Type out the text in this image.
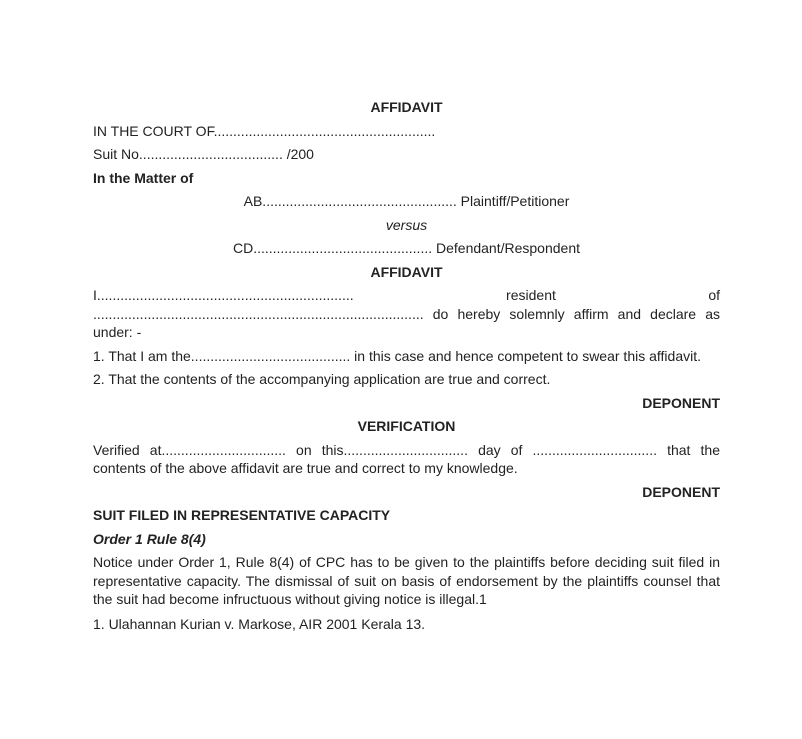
AFFIDAVIT
IN THE COURT OF.........................................................
Suit No..................................... /200
In the Matter of
AB.................................................. Plaintiff/Petitioner
versus
CD.............................................. Defendant/Respondent
AFFIDAVIT
I.................................................................. resident of ..................................................................................... do hereby solemnly affirm and declare as under: -
1. That I am the......................................... in this case and hence competent to swear this affidavit.
2. That the contents of the accompanying application are true and correct.
DEPONENT
VERIFICATION
Verified at................................ on this................................ day of ................................ that the contents of the above affidavit are true and correct to my knowledge.
DEPONENT
SUIT FILED IN REPRESENTATIVE CAPACITY
Order 1 Rule 8(4)
Notice under Order 1, Rule 8(4) of CPC has to be given to the plaintiffs before deciding suit filed in representative capacity. The dismissal of suit on basis of endorsement by the plaintiffs counsel that the suit had become infructuous without giving notice is illegal.1
1. Ulahannan Kurian v. Markose, AIR 2001 Kerala 13.
